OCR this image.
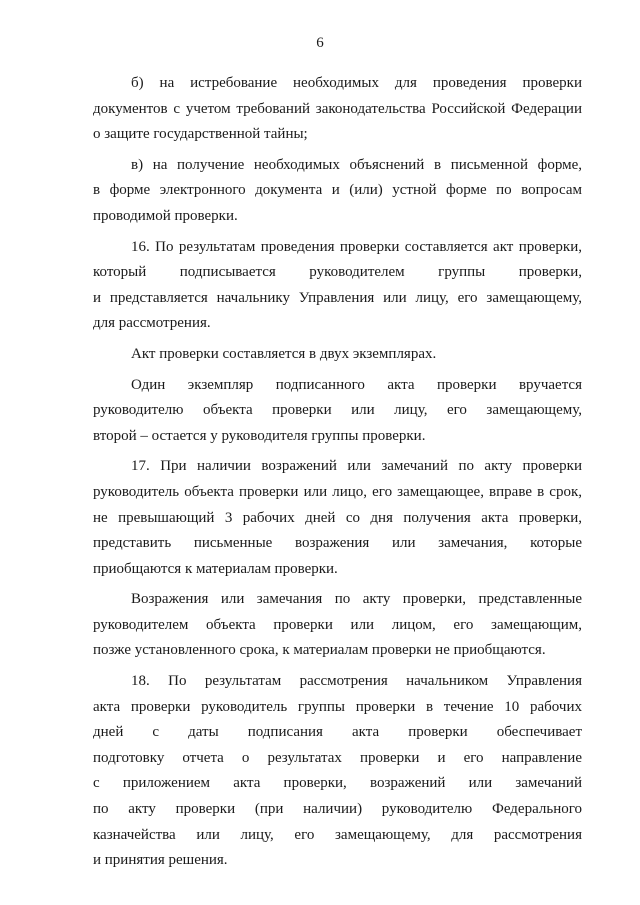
6
б) на истребование необходимых для проведения проверки
документов с учетом требований законодательства Российской Федерации
о защите государственной тайны;
в) на получение необходимых объяснений в письменной форме,
в форме электронного документа и (или) устной форме по вопросам
проводимой проверки.
16. По результатам проведения проверки составляется акт проверки,
который подписывается руководителем группы проверки,
и представляется начальнику Управления или лицу, его замещающему,
для рассмотрения.
Акт проверки составляется в двух экземплярах.
Один экземпляр подписанного акта проверки вручается
руководителю объекта проверки или лицу, его замещающему,
второй – остается у руководителя группы проверки.
17. При наличии возражений или замечаний по акту проверки
руководитель объекта проверки или лицо, его замещающее, вправе в срок,
не превышающий 3 рабочих дней со дня получения акта проверки,
представить письменные возражения или замечания, которые
приобщаются к материалам проверки.
Возражения или замечания по акту проверки, представленные
руководителем объекта проверки или лицом, его замещающим,
позже установленного срока, к материалам проверки не приобщаются.
18. По результатам рассмотрения начальником Управления
акта проверки руководитель группы проверки в течение 10 рабочих
дней с даты подписания акта проверки обеспечивает
подготовку отчета о результатах проверки и его направление
с приложением акта проверки, возражений или замечаний
по акту проверки (при наличии) руководителю Федерального
казначейства или лицу, его замещающему, для рассмотрения
и принятия решения.
